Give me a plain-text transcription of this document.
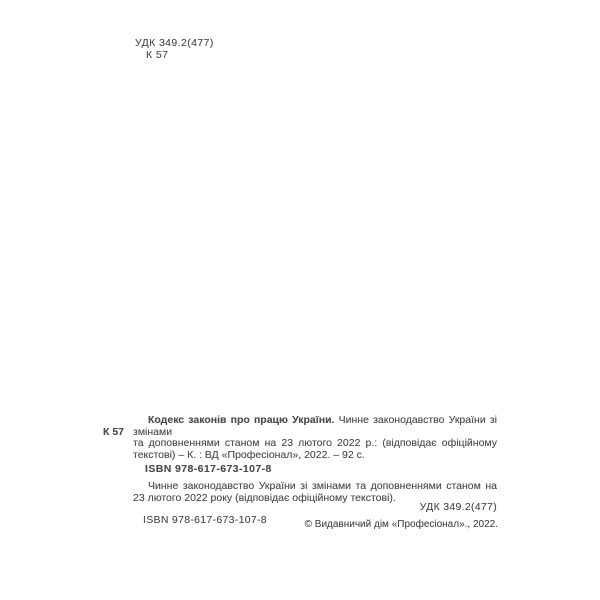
УДК 349.2(477)
К 57
К 57
Кодекс законів про працю України. Чинне законодавство України зі змінами
та доповненнями станом на 23 лютого 2022 р.: (відповідає офіційному
текстові) – К. : ВД «Професіонал», 2022. – 92 с.
ISBN 978-617-673-107-8
Чинне законодавство України зі змінами та доповненнями станом на
23 лютого 2022 року (відповідає офіційному текстові).
УДК 349.2(477)
ISBN 978-617-673-107-8	© Видавничий дім «Професіонал»., 2022.
